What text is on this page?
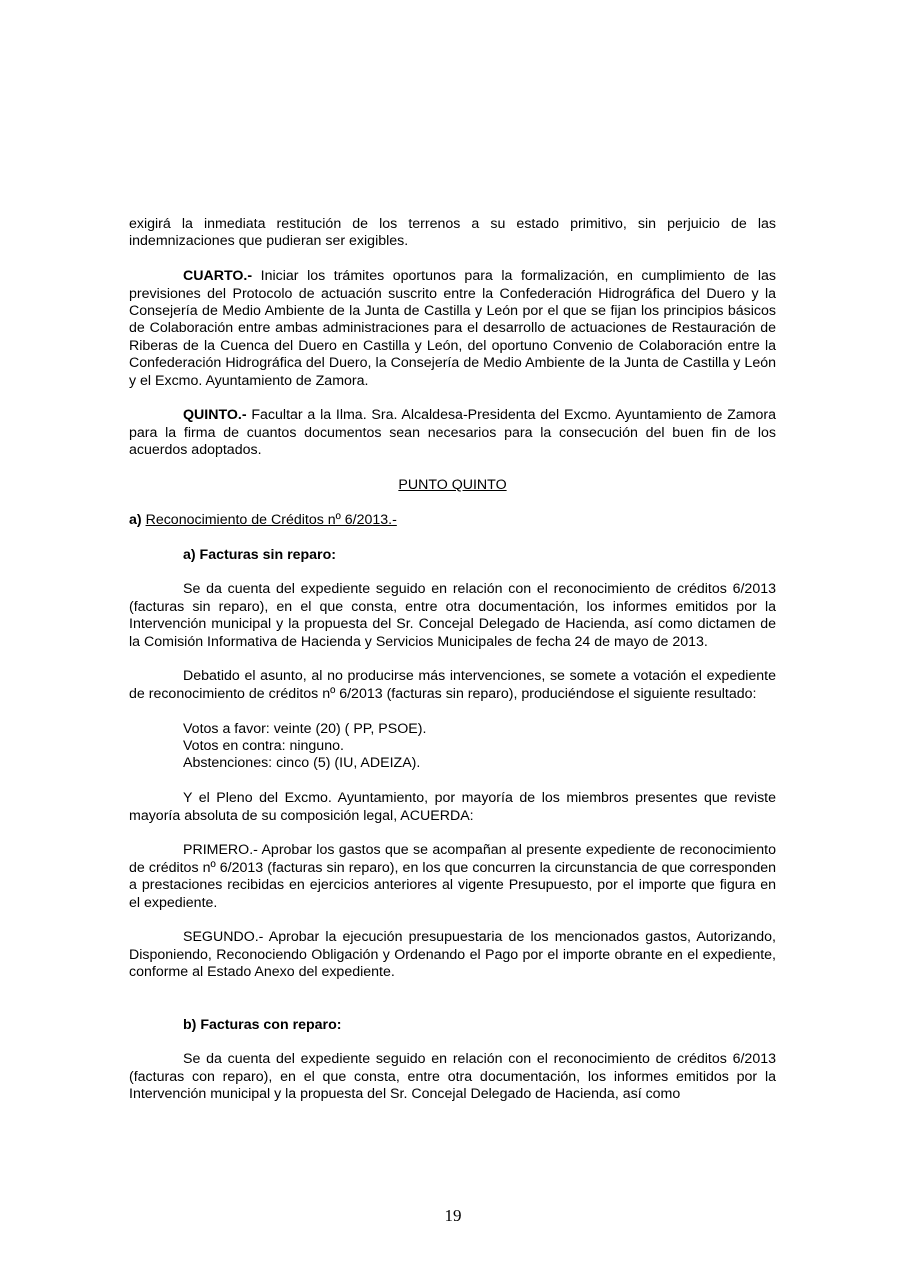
exigirá la inmediata restitución de los terrenos a su estado primitivo, sin perjuicio de las indemnizaciones que pudieran ser exigibles.

CUARTO.- Iniciar los trámites oportunos para la formalización, en cumplimiento de las previsiones del Protocolo de actuación suscrito entre la Confederación Hidrográfica del Duero y la Consejería de Medio Ambiente de la Junta de Castilla y León por el que se fijan los principios básicos de Colaboración entre ambas administraciones para el desarrollo de actuaciones de Restauración de Riberas de la Cuenca del Duero en Castilla y León, del oportuno Convenio de Colaboración entre la Confederación Hidrográfica del Duero, la Consejería de Medio Ambiente de la Junta de Castilla y León y el Excmo. Ayuntamiento de Zamora.

QUINTO.- Facultar a la Ilma. Sra. Alcaldesa-Presidenta del Excmo. Ayuntamiento de Zamora para la firma de cuantos documentos sean necesarios para la consecución del buen fin de los acuerdos adoptados.

PUNTO QUINTO

a) Reconocimiento de Créditos nº 6/2013.-

a) Facturas sin reparo:

Se da cuenta del expediente seguido en relación con el reconocimiento de créditos 6/2013 (facturas sin reparo), en el que consta, entre otra documentación, los informes emitidos por la Intervención municipal y la propuesta del Sr. Concejal Delegado de Hacienda, así como dictamen de la Comisión Informativa de Hacienda y Servicios Municipales de fecha 24 de mayo de 2013.

Debatido el asunto, al no producirse más intervenciones, se somete a votación el expediente de reconocimiento de créditos nº 6/2013 (facturas sin reparo), produciéndose el siguiente resultado:

Votos a favor: veinte (20) ( PP, PSOE).

Votos en contra: ninguno.

Abstenciones: cinco (5) (IU, ADEIZA).

Y el Pleno del Excmo. Ayuntamiento, por mayoría de los miembros presentes que reviste mayoría absoluta de su composición legal, ACUERDA:

PRIMERO.- Aprobar los gastos que se acompañan al presente expediente de reconocimiento de créditos nº 6/2013 (facturas sin reparo), en los que concurren la circunstancia de que corresponden a prestaciones recibidas en ejercicios anteriores al vigente Presupuesto, por el importe que figura en el expediente.

SEGUNDO.- Aprobar la ejecución presupuestaria de los mencionados gastos, Autorizando, Disponiendo, Reconociendo Obligación y Ordenando el Pago por el importe obrante en el expediente, conforme al Estado Anexo del expediente.

b) Facturas con reparo:

Se da cuenta del expediente seguido en relación con el reconocimiento de créditos 6/2013 (facturas con reparo), en el que consta, entre otra documentación, los informes emitidos por la Intervención municipal y la propuesta del Sr. Concejal Delegado de Hacienda, así como

19
